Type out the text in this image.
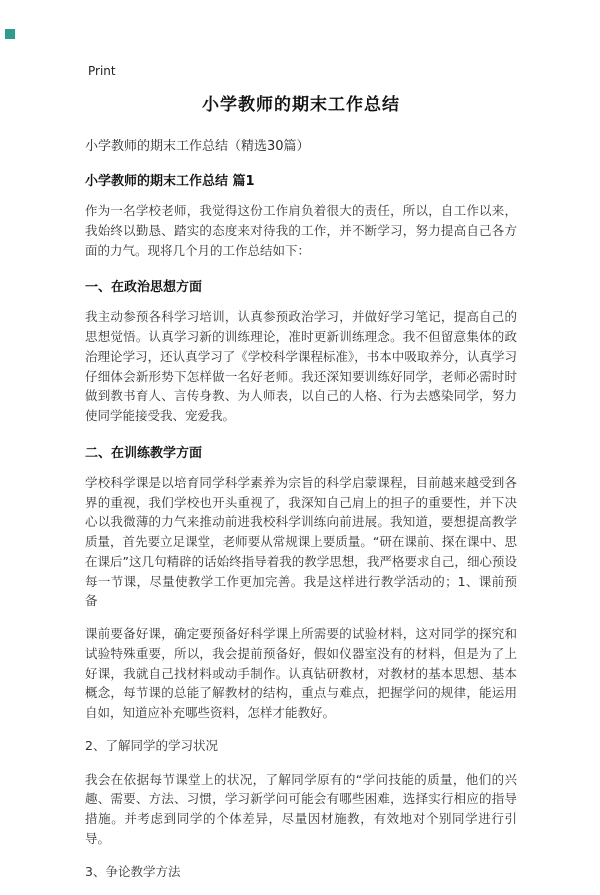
Print
小学教师的期末工作总结
小学教师的期末工作总结（精选30篇）
小学教师的期末工作总结 篇1

作为一名学校老师，我觉得这份工作肩负着很大的责任，所以，自工作以来，我始终以勤恳、踏实的态度来对待我的工作，并不断学习，努力提高自己各方面的力气。现将几个月的工作总结如下：

一、在政治思想方面

我主动参预各科学习培训，认真参预政治学习，并做好学习笔记，提高自己的思想觉悟。认真学习新的训练理论，准时更新训练理念。我不但留意集体的政治理论学习，还认真学习了《学校科学课程标准》，书本中吸取养分，认真学习仔细体会新形势下怎样做一名好老师。我还深知要训练好同学，老师必需时时做到教书育人、言传身教、为人师表，以自己的人格、行为去感染同学，努力使同学能接受我、宠爱我。

二、在训练教学方面

学校科学课是以培育同学科学素养为宗旨的科学启蒙课程，目前越来越受到各界的重视，我们学校也开头重视了，我深知自己肩上的担子的重要性，并下决心以我微薄的力气来推动前进我校科学训练向前进展。我知道，要想提高教学质量，首先要立足课堂，老师要从常规课上要质量。“研在课前、探在课中、思在课后”这几句精辟的话始终指导着我的教学思想，我严格要求自己，细心预设每一节课，尽量使教学工作更加完善。我是这样进行教学活动的；1、课前预备

课前要备好课，确定要预备好科学课上所需要的试验材料，这对同学的探究和试验特殊重要，所以，我会提前预备好，假如仪器室没有的材料，但是为了上好课，我就自己找材料或动手制作。认真钻研教材，对教材的基本思想、基本概念，每节课的总能了解教材的结构，重点与难点，把握学问的规律，能运用自如，知道应补充哪些资料，怎样才能教好。

2、了解同学的学习状况

我会在依据每节课堂上的状况，了解同学原有的“学问技能的质量，他们的兴趣、需要、方法、习惯，学习新学问可能会有哪些困难，选择实行相应的指导措施。并考虑到同学的个体差异，尽量因材施教，有效地对个别同学进行引导。

3、争论教学方法
